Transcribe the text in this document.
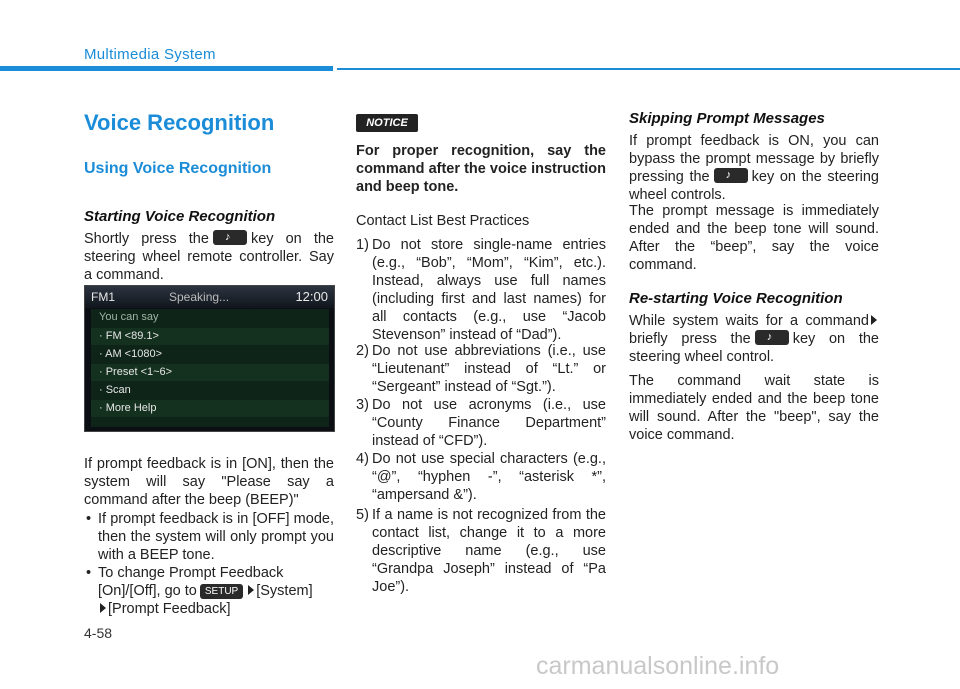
Multimedia System
Voice Recognition
Using Voice Recognition
Starting Voice Recognition

Shortly press the ♪	key on the steering wheel remote controller. Say a command.

FM1	Speaking...	12:00
You can say
· FM <89.1>
· AM <1080>
· Preset <1~6>
· Scan
· More Help

If prompt feedback is in [ON], then the system will say "Please say a command after the beep (BEEP)"

• If prompt feedback is in [OFF] mode, then the system will only prompt you with a BEEP tone.

• To change Prompt Feedback [On]/[Off], go to SETUP [System]
[Prompt Feedback]

NOTICE

For proper recognition, say the command after the voice instruction and beep tone.

Contact List Best Practices

1) Do not store single-name entries (e.g., “Bob”, “Mom”, “Kim”, etc.). Instead, always use full names (including first and last names) for all contacts (e.g., use “Jacob Stevenson” instead of “Dad”).
2) Do not use abbreviations (i.e., use “Lieutenant” instead of “Lt.” or “Sergeant” instead of “Sgt.”).
3) Do not use acronyms (i.e., use “County Finance Department” instead of “CFD”).
4) Do not use special characters (e.g., “@”, “hyphen -”, “asterisk *”, “ampersand &”).
5) If a name is not recognized from the contact list, change it to a more descriptive name (e.g., use “Grandpa Joseph” instead of “Pa Joe”).
Skipping Prompt Messages

If prompt feedback is ON, you can bypass the prompt message by briefly pressing the ♪	key on the steering wheel controls.

The prompt message is immediately ended and the beep tone will sound. After the “beep”, say the voice command.

Re-starting Voice Recognition

While system waits for a command briefly press the ♪	key on the steering wheel control.

The command wait state is immediately ended and the beep tone will sound. After the "beep", say the voice command.

4-58
carmanualsonline.info
